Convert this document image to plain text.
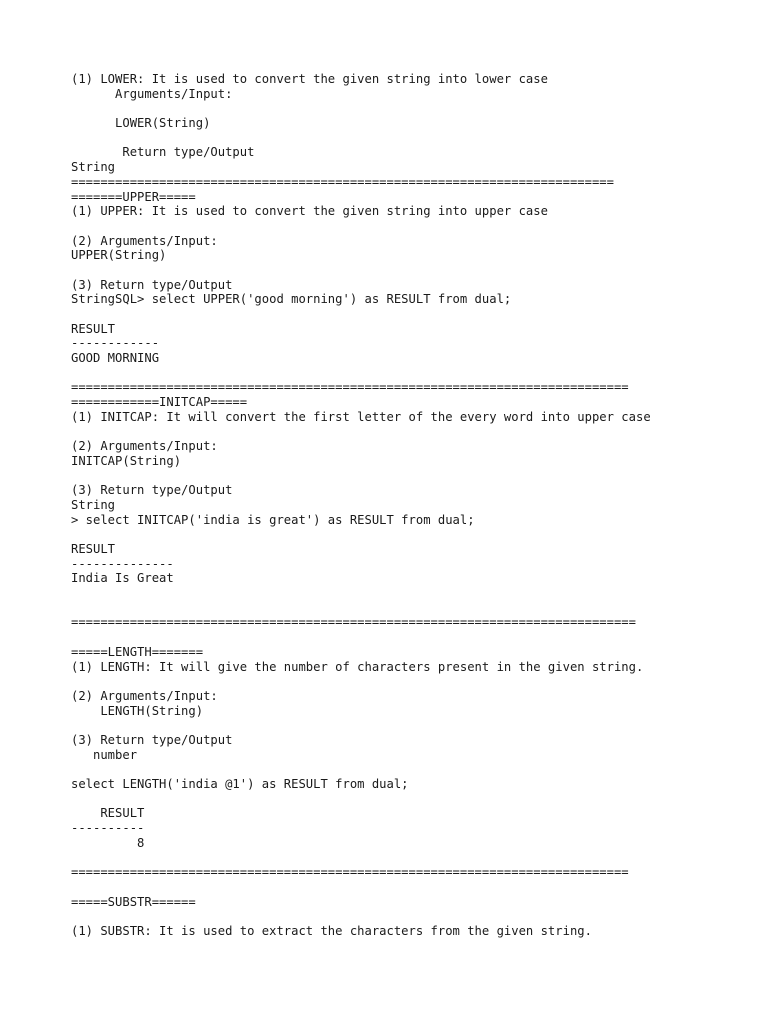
(1) LOWER: It is used to convert the given string into lower case
Arguments/Input:
LOWER(String)
Return type/Output
String
==========================================================================
=======UPPER=====
(1) UPPER: It is used to convert the given string into upper case
(2) Arguments/Input:
UPPER(String)
(3) Return type/Output
StringSQL> select UPPER('good morning') as RESULT from dual;
RESULT
------------
GOOD MORNING
============================================================================
============INITCAP=====
(1) INITCAP: It will convert the first letter of the every word into upper case
(2) Arguments/Input:
INITCAP(String)
(3) Return type/Output
String
> select INITCAP('india is great') as RESULT from dual;
RESULT
--------------
India Is Great
=============================================================================
=====LENGTH=======
(1) LENGTH: It will give the number of characters present in the given string.
(2) Arguments/Input:
LENGTH(String)
(3) Return type/Output
number
select LENGTH('india @1') as RESULT from dual;
RESULT
----------
8
============================================================================
=====SUBSTR======
(1) SUBSTR: It is used to extract the characters from the given string.
